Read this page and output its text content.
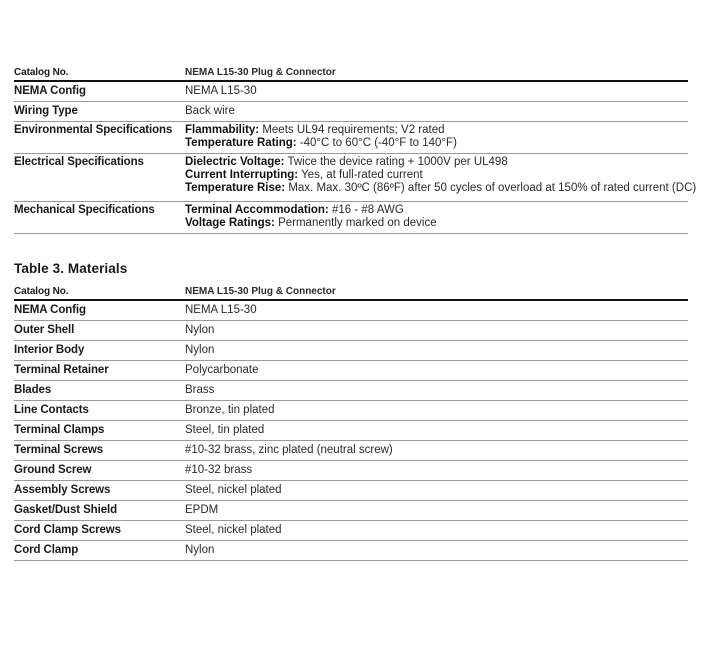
Catalog No.	NEMA L15-30 Plug & Connector
NEMA Config	NEMA L15-30
Wiring Type	Back wire
Environmental Specifications	Flammability: Meets UL94 requirements; V2 rated
Temperature Rating: -40°C to 60°C (-40°F to 140°F)
Electrical Specifications	Dielectric Voltage: Twice the device rating + 1000V per UL498
Current Interrupting: Yes, at full-rated current
Temperature Rise: Max. Max. 30ºC (86ºF) after 50 cycles of overload at 150% of rated current (DC)
Mechanical Specifications	Terminal Accommodation: #16 - #8 AWG
Voltage Ratings: Permanently marked on device
Table 3. Materials
Catalog No.	NEMA L15-30 Plug & Connector
NEMA Config	NEMA L15-30
Outer Shell	Nylon
Interior Body	Nylon
Terminal Retainer	Polycarbonate
Blades	Brass
Line Contacts	Bronze, tin plated
Terminal Clamps	Steel, tin plated
Terminal Screws	#10-32 brass, zinc plated (neutral screw)
Ground Screw	#10-32 brass
Assembly Screws	Steel, nickel plated
Gasket/Dust Shield	EPDM
Cord Clamp Screws	Steel, nickel plated
Cord Clamp	Nylon
